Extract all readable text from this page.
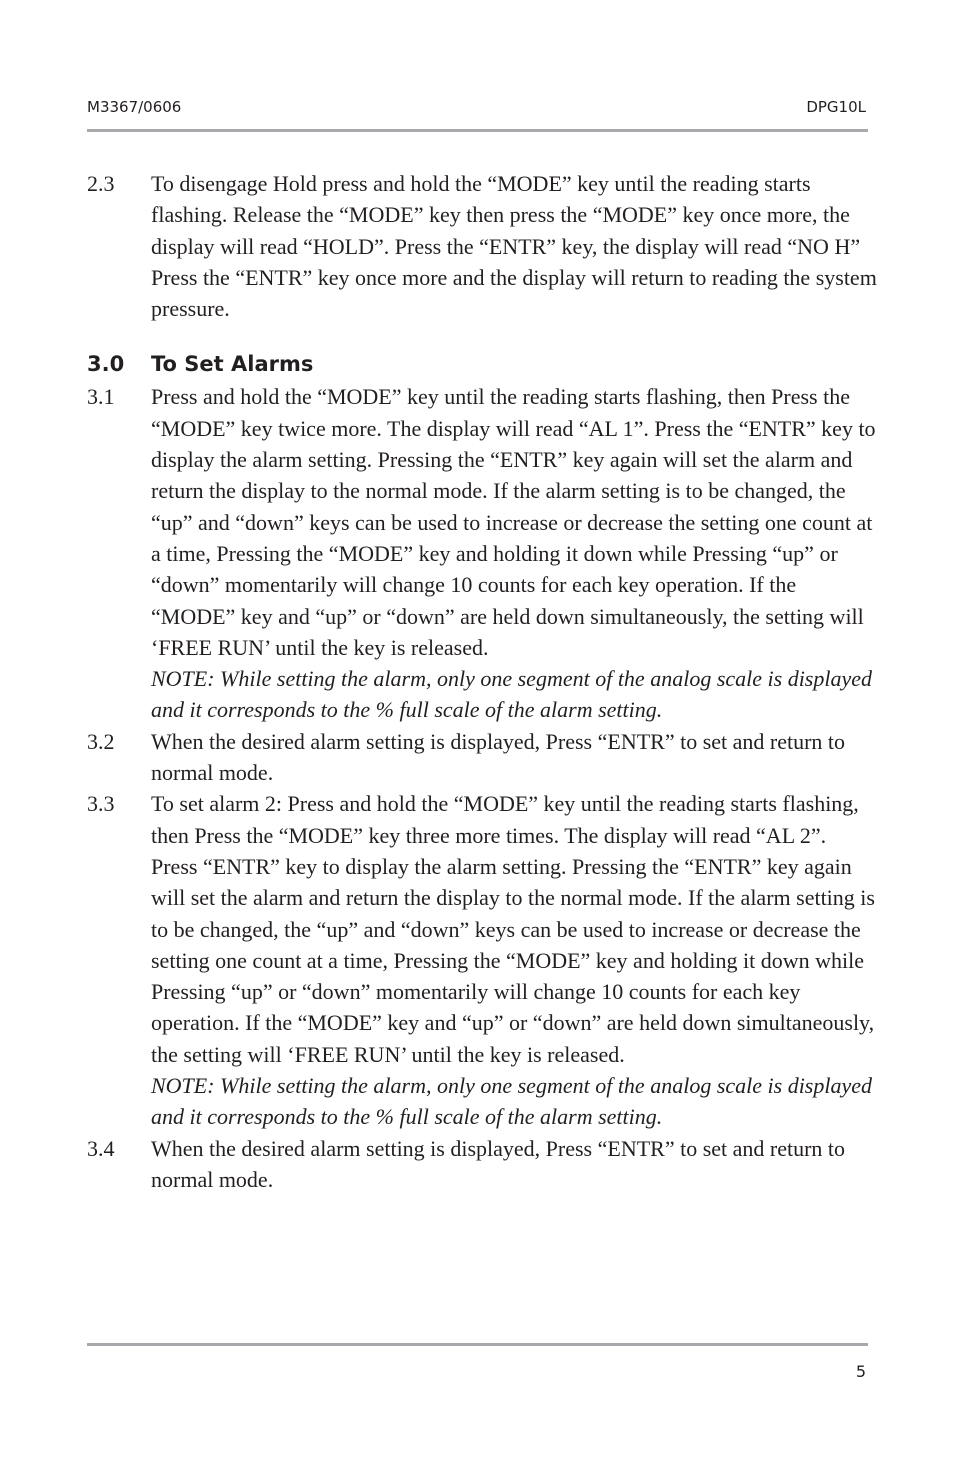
M3367/0606	DPG10L
2.3	To disengage Hold press and hold the “MODE” key until the reading starts flashing. Release the “MODE” key then press the “MODE” key once more, the display will read “HOLD”. Press the “ENTR” key, the display will read “NO H” Press the “ENTR” key once more and the display will return to reading the system pressure.
3.0	To Set Alarms
3.1	Press and hold the “MODE” key until the reading starts flashing, then Press the “MODE” key twice more. The display will read “AL 1”. Press the “ENTR” key to display the alarm setting. Pressing the “ENTR” key again will set the alarm and return the display to the normal mode. If the alarm setting is to be changed, the “up” and “down” keys can be used to increase or decrease the setting one count at a time, Pressing the “MODE” key and holding it down while Pressing “up” or “down” momentarily will change 10 counts for each key operation. If the “MODE” key and “up” or “down” are held down simultaneously, the setting will ‘FREE RUN’ until the key is released.
NOTE: While setting the alarm, only one segment of the analog scale is displayed and it corresponds to the % full scale of the alarm setting.
3.2	When the desired alarm setting is displayed, Press “ENTR” to set and return to normal mode.
3.3	To set alarm 2: Press and hold the “MODE” key until the reading starts flashing, then Press the “MODE” key three more times. The display will read “AL 2”. Press “ENTR” key to display the alarm setting. Pressing the “ENTR” key again will set the alarm and return the display to the normal mode. If the alarm setting is to be changed, the “up” and “down” keys can be used to increase or decrease the setting one count at a time, Pressing the “MODE” key and holding it down while Pressing “up” or “down” momentarily will change 10 counts for each key operation. If the “MODE” key and “up” or “down” are held down simultaneously, the setting will ‘FREE RUN’ until the key is released.
NOTE: While setting the alarm, only one segment of the analog scale is displayed and it corresponds to the % full scale of the alarm setting.
3.4	When the desired alarm setting is displayed, Press “ENTR” to set and return to normal mode.
5
